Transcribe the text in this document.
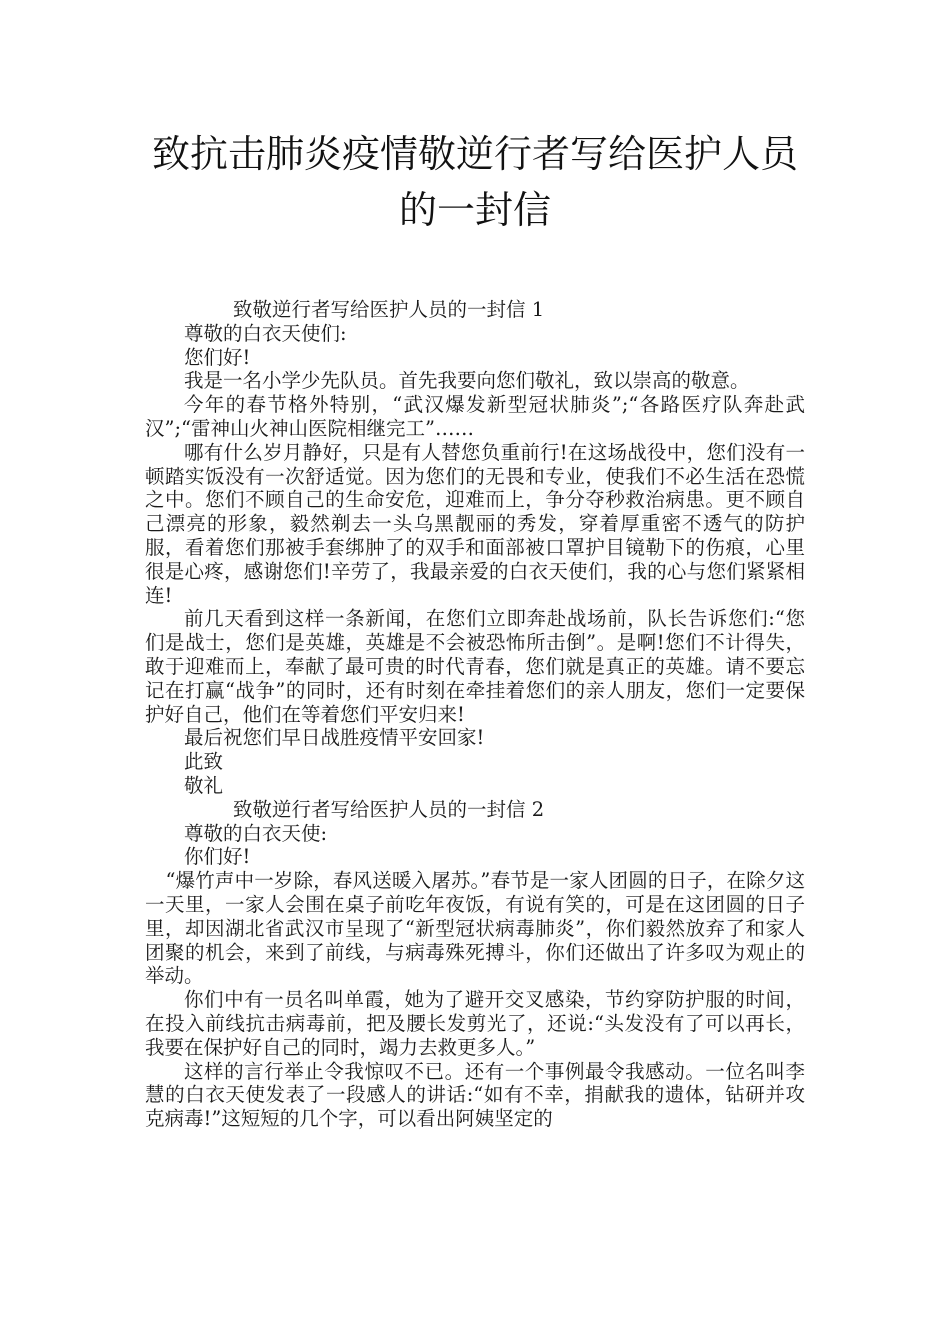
致抗击肺炎疫情敬逆行者写给医护人员
的一封信

致敬逆行者写给医护人员的一封信 1

尊敬的白衣天使们:

您们好!

我是一名小学少先队员。首先我要向您们敬礼，致以崇高的敬意。

今年的春节格外特别，“武汉爆发新型冠状肺炎”;“各路医疗队奔赴武汉”;“雷神山火神山医院相继完工”……

哪有什么岁月静好，只是有人替您负重前行!在这场战役中，您们没有一顿踏实饭没有一次舒适觉。因为您们的无畏和专业，使我们不必生活在恐慌之中。您们不顾自己的生命安危，迎难而上，争分夺秒救治病患。更不顾自己漂亮的形象，毅然剃去一头乌黑靓丽的秀发，穿着厚重密不透气的防护服，看着您们那被手套绑肿了的双手和面部被口罩护目镜勒下的伤痕，心里很是心疼，感谢您们!辛劳了，我最亲爱的白衣天使们，我的心与您们紧紧相连!

前几天看到这样一条新闻，在您们立即奔赴战场前，队长告诉您们:“您们是战士，您们是英雄，英雄是不会被恐怖所击倒”。是啊!您们不计得失，敢于迎难而上，奉献了最可贵的时代青春，您们就是真正的英雄。请不要忘记在打赢“战争”的同时，还有时刻在牵挂着您们的亲人朋友，您们一定要保护好自己，他们在等着您们平安归来!

最后祝您们早日战胜疫情平安回家!

此致

敬礼

致敬逆行者写给医护人员的一封信 2

尊敬的白衣天使:

你们好!

“爆竹声中一岁除，春风送暖入屠苏。”春节是一家人团圆的日子，在除夕这一天里，一家人会围在桌子前吃年夜饭，有说有笑的，可是在这团圆的日子里，却因湖北省武汉市呈现了“新型冠状病毒肺炎”，你们毅然放弃了和家人团聚的机会，来到了前线，与病毒殊死搏斗，你们还做出了许多叹为观止的举动。

你们中有一员名叫单霞，她为了避开交叉感染，节约穿防护服的时间，在投入前线抗击病毒前，把及腰长发剪光了，还说:“头发没有了可以再长，我要在保护好自己的同时，竭力去救更多人。”

这样的言行举止令我惊叹不已。还有一个事例最令我感动。一位名叫李慧的白衣天使发表了一段感人的讲话:“如有不幸，捐献我的遗体，钻研并攻克病毒!”这短短的几个字，可以看出阿姨坚定的
